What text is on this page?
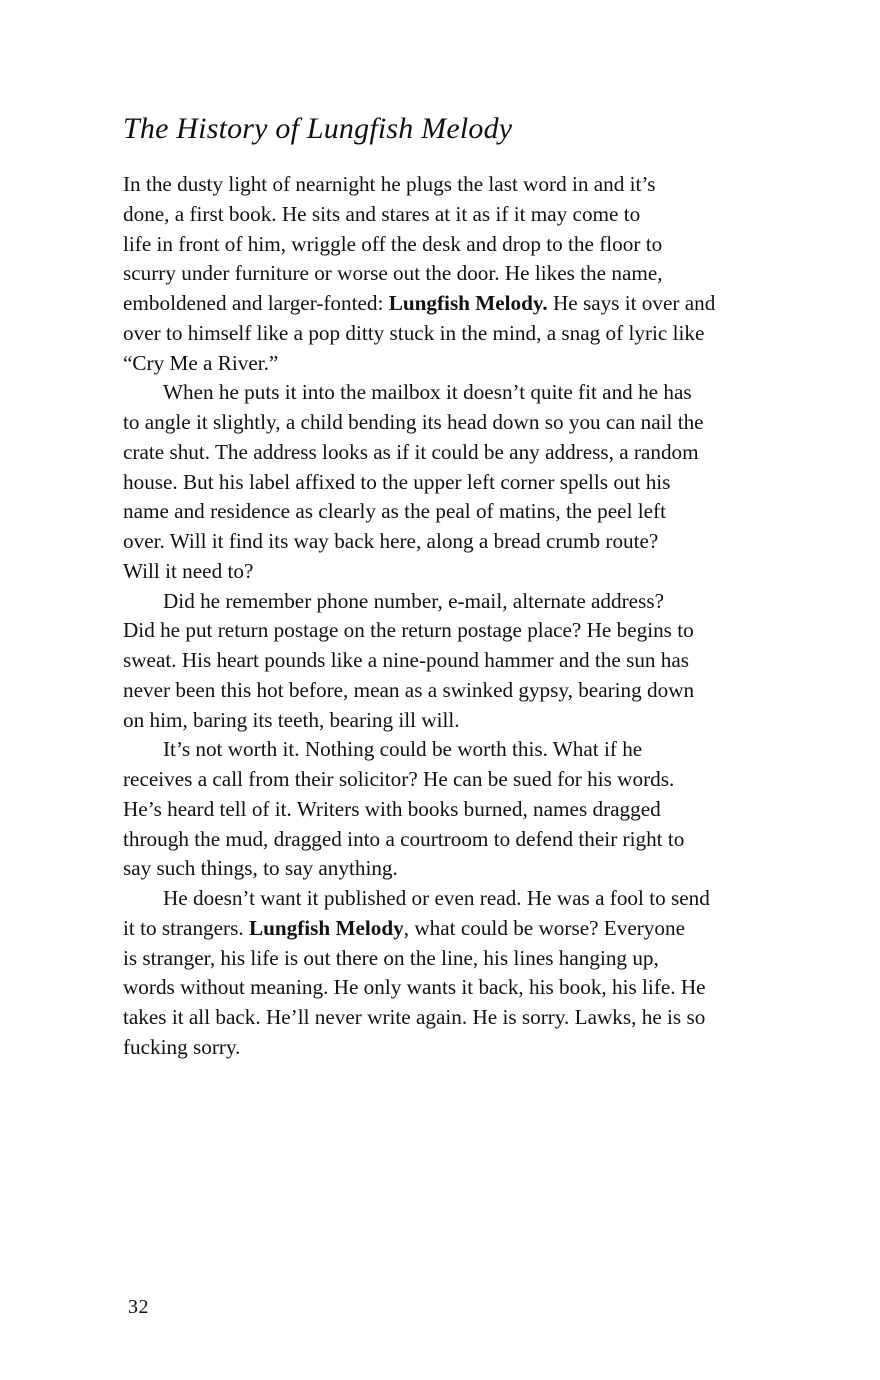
The History of Lungfish Melody
In the dusty light of nearnight he plugs the last word in and it’s
done, a first book. He sits and stares at it as if it may come to
life in front of him, wriggle off the desk and drop to the floor to
scurry under furniture or worse out the door. He likes the name,
emboldened and larger-fonted: Lungfish Melody. He says it over and
over to himself like a pop ditty stuck in the mind, a snag of lyric like
“Cry Me a River.”
When he puts it into the mailbox it doesn’t quite fit and he has
to angle it slightly, a child bending its head down so you can nail the
crate shut. The address looks as if it could be any address, a random
house. But his label affixed to the upper left corner spells out his
name and residence as clearly as the peal of matins, the peel left
over. Will it find its way back here, along a bread crumb route?
Will it need to?
Did he remember phone number, e-mail, alternate address?
Did he put return postage on the return postage place? He begins to
sweat. His heart pounds like a nine-pound hammer and the sun has
never been this hot before, mean as a swinked gypsy, bearing down
on him, baring its teeth, bearing ill will.
It’s not worth it. Nothing could be worth this. What if he
receives a call from their solicitor? He can be sued for his words.
He’s heard tell of it. Writers with books burned, names dragged
through the mud, dragged into a courtroom to defend their right to
say such things, to say anything.
He doesn’t want it published or even read. He was a fool to send
it to strangers. Lungfish Melody, what could be worse? Everyone
is stranger, his life is out there on the line, his lines hanging up,
words without meaning. He only wants it back, his book, his life. He
takes it all back. He’ll never write again. He is sorry. Lawks, he is so
fucking sorry.
32
